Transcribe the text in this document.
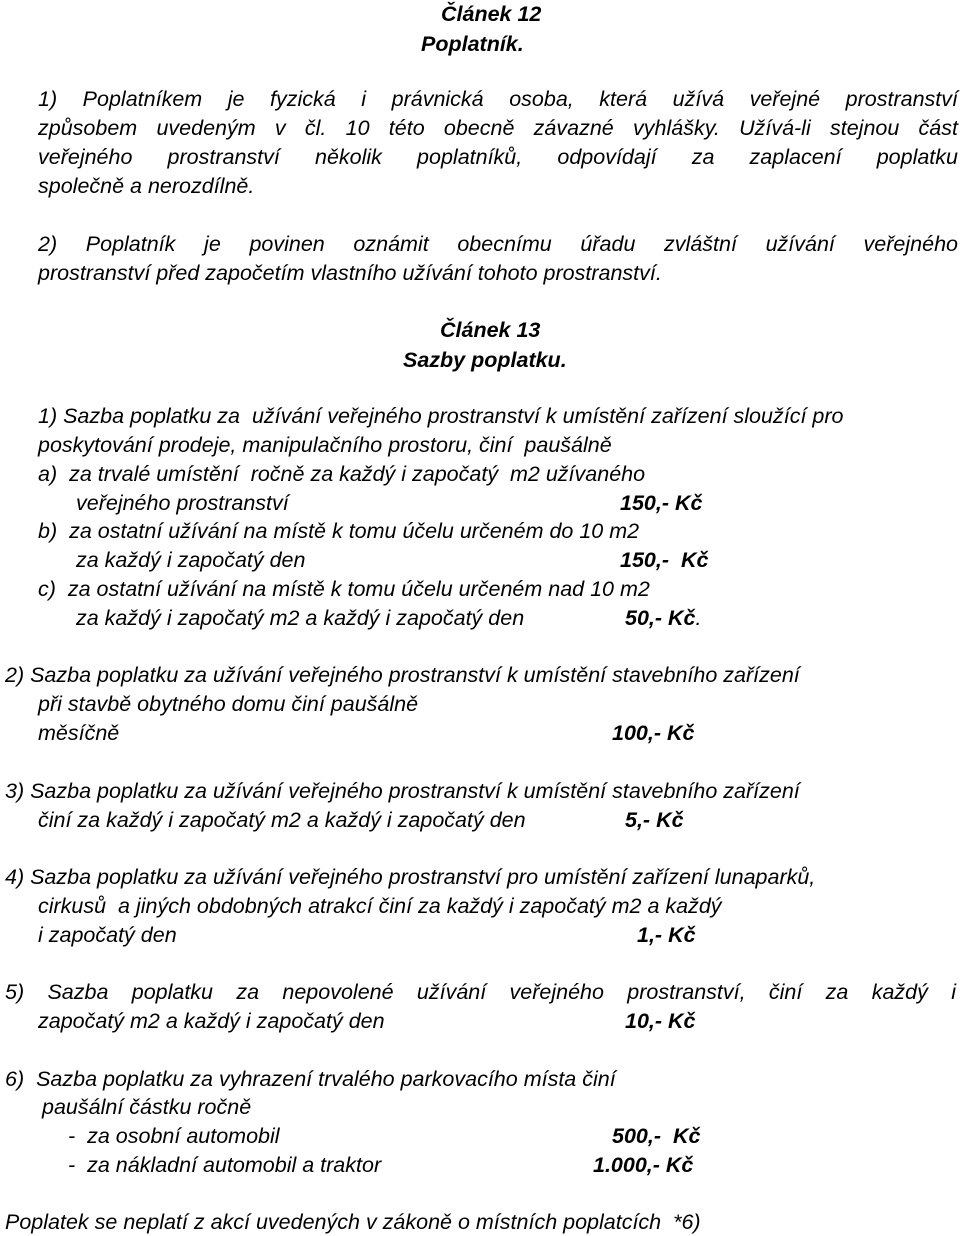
Článek 12
Poplatník.
1) Poplatníkem je fyzická i právnická osoba, která užívá veřejné prostranství
způsobem uvedeným v čl. 10 této obecně závazné vyhlášky. Užívá-li stejnou část
veřejného prostranství několik poplatníků, odpovídají za zaplacení poplatku
společně a nerozdílně.
2) Poplatník je povinen oznámit obecnímu úřadu zvláštní užívání veřejného
prostranství před započetím vlastního užívání tohoto prostranství.
Článek 13
Sazby poplatku.
1) Sazba poplatku za  užívání veřejného prostranství k umístění zařízení sloužící pro
poskytování prodeje, manipulačního prostoru, činí  paušálně
a)  za trvalé umístění  ročně za každý i započatý  m2 užívaného
veřejného prostranství	150,- Kč
b)  za ostatní užívání na místě k tomu účelu určeném do 10 m2
za každý i započatý den	150,-  Kč
c)  za ostatní užívání na místě k tomu účelu určeném nad 10 m2
za každý i započatý m2 a každý i započatý den	50,- Kč.
2) Sazba poplatku za užívání veřejného prostranství k umístění stavebního zařízení
při stavbě obytného domu činí paušálně
měsíčně	100,- Kč
3) Sazba poplatku za užívání veřejného prostranství k umístění stavebního zařízení
činí za každý i započatý m2 a každý i započatý den	5,- Kč
4) Sazba poplatku za užívání veřejného prostranství pro umístění zařízení lunaparků,
cirkusů  a jiných obdobných atrakcí činí za každý i započatý m2 a každý
i započatý den	1,- Kč
5) Sazba poplatku za nepovolené užívání veřejného prostranství, činí za každý i
započatý m2 a každý i započatý den	10,- Kč
6)  Sazba poplatku za vyhrazení trvalého parkovacího místa činí
paušální částku ročně
-  za osobní automobil	500,-  Kč
-  za nákladní automobil a traktor	1.000,- Kč
Poplatek se neplatí z akcí uvedených v zákoně o místních poplatcích  *6)
